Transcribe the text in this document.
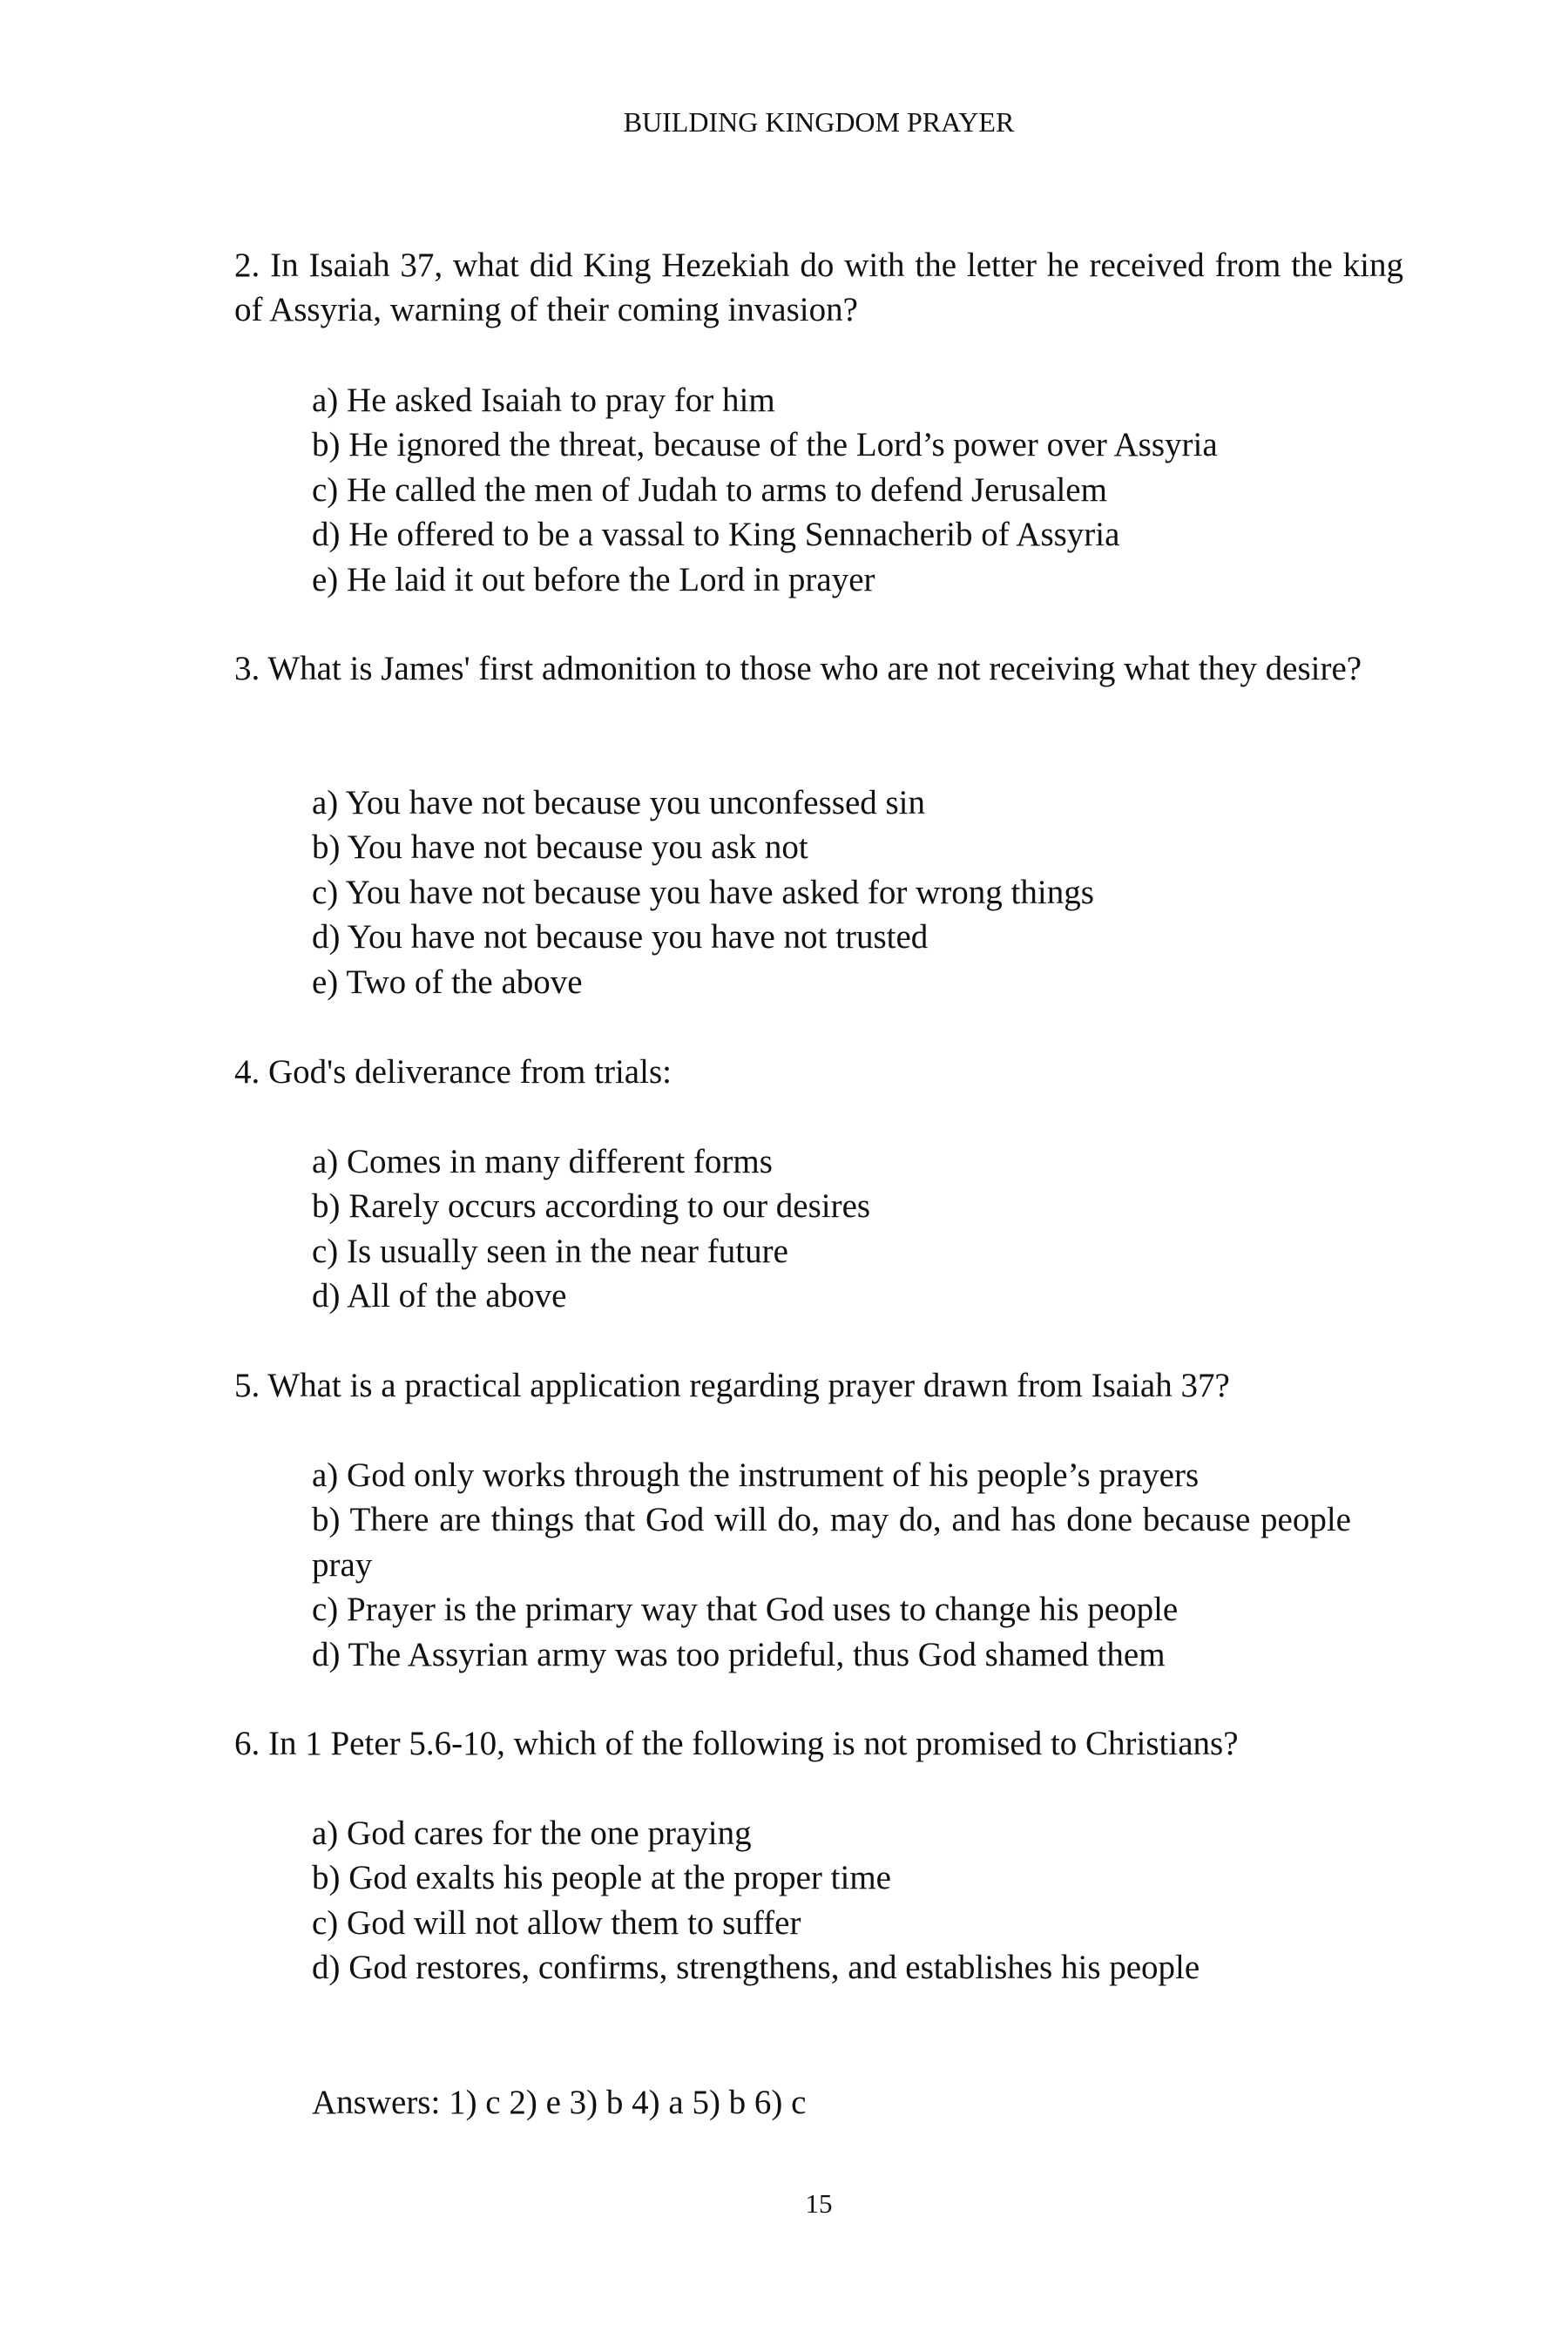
BUILDING KINGDOM PRAYER

2. In Isaiah 37, what did King Hezekiah do with the letter he received from the king of Assyria, warning of their coming invasion?

a) He asked Isaiah to pray for him
b) He ignored the threat, because of the Lord’s power over Assyria
c) He called the men of Judah to arms to defend Jerusalem
d) He offered to be a vassal to King Sennacherib of Assyria
e) He laid it out before the Lord in prayer

3. What is James' first admonition to those who are not receiving what they desire?

a) You have not because you unconfessed sin
b) You have not because you ask not
c) You have not because you have asked for wrong things
d) You have not because you have not trusted
e) Two of the above

4. God's deliverance from trials:

a) Comes in many different forms
b) Rarely occurs according to our desires
c) Is usually seen in the near future
d) All of the above

5. What is a practical application regarding prayer drawn from Isaiah 37?

a) God only works through the instrument of his people’s prayers
b) There are things that God will do, may do, and has done because people pray
c) Prayer is the primary way that God uses to change his people
d) The Assyrian army was too prideful, thus God shamed them

6. In 1 Peter 5.6-10, which of the following is not promised to Christians?

a) God cares for the one praying
b) God exalts his people at the proper time
c) God will not allow them to suffer
d) God restores, confirms, strengthens, and establishes his people
Answers: 1) c 2) e 3) b 4) a 5) b 6) c
15
